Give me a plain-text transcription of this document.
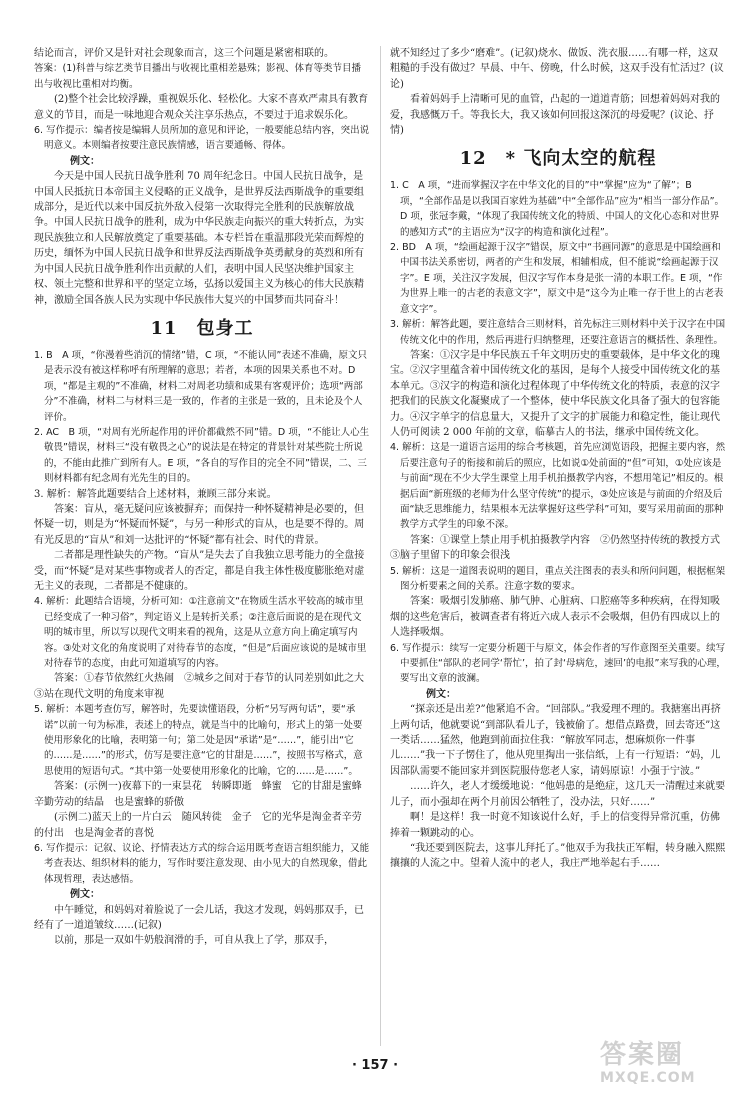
结论而言，评价又是针对社会现象而言，这三个问题是紧密相联的。

答案：(1)科普与综艺类节目播出与收视比重相差悬殊；影视、体育等类节目播出与收视比重相对均衡。

(2)整个社会比较浮躁，重视娱乐化、轻松化。大家不喜欢严肃具有教育意义的节目，而是一味地迎合观众关注享乐热点，不要过于追求娱乐化。

6. 写作提示：编者按是编辑人员所加的意见和评论，一般要能总结内容，突出说明意义。本则编者按要注意民族情感，语言要通畅、得体。

例文：

今天是中国人民抗日战争胜利 70 周年纪念日。中国人民抗日战争，是中国人民抵抗日本帝国主义侵略的正义战争，是世界反法西斯战争的重要组成部分，是近代以来中国反抗外敌入侵第一次取得完全胜利的民族解放战争。中国人民抗日战争的胜利，成为中华民族走向振兴的重大转折点，为实现民族独立和人民解放奠定了重要基础。本专栏旨在重温那段光荣而辉煌的历史，缅怀为中国人民抗日战争和世界反法西斯战争英勇献身的英烈和所有为中国人民抗日战争胜利作出贡献的人们，表明中国人民坚决维护国家主权、领土完整和世界和平的坚定立场，弘扬以爱国主义为核心的伟大民族精神，激励全国各族人民为实现中华民族伟大复兴的中国梦而共同奋斗！

11　包身工

1. B　A 项，“你漫着些消沉的情绪”错，C 项，“不能认同”表述不准确，原文只是表示没有被这样称呼有所理解的意思；若者，本项的因果关系也不对。D 项，“都是主观的”不准确，材料二对周老功绩和成果有客观评价；选项“两部分”不准确，材料二与材料三是一致的，作者的主张是一致的，且未论及个人评价。

2. AC　B 项，“对周有光所起作用的评价都截然不同”错。D 项，“不能让人心生敬畏”错误，材料三“没有敬畏之心”的说法是在特定的背景针对某些院士所说的，不能由此推广到所有人。E 项，“各自的写作目的完全不同”错误，二、三则材料都有纪念周有光先生的目的。

3. 解析：解答此题要结合上述材料，兼顾三部分来说。

答案：盲从，毫无疑问应该被摒弃；而保持一种怀疑精神是必要的，但怀疑一切，则是为“怀疑而怀疑”，与另一种形式的盲从，也是要不得的。周有光反思的“盲从”和刘一达批评的“怀疑”都有社会、时代的背景。

二者都是理性缺失的产物。“盲从”是失去了自我独立思考能力的全盘接受，而“怀疑”是对某些事物或者人的否定，都是自我主体性极度膨胀绝对虚无主义的表现，二者都是不健康的。

4. 解析：此题结合语境，分析可知：①注意前文“在物质生活水平较高的城市里已经变成了一种习俗”，判定语义上是转折关系；②注意后面说的是在现代文明的城市里，所以写以现代文明来看的视角，这是从立意方向上确定填写内容。③处对文化的角度说明了对待春节的态度，“但是”后面应该说的是城市里对待春节的态度，由此可知道填写的内容。

答案：①春节依然红火热闹　②城乡之间对于春节的认同差别如此之大　③站在现代文明的角度来审视

5. 解析：本题考查仿写，解答时，先要读懂语段，分析“另写两句话”，要“承诺”以前一句为标准，表述上的特点，就是当中的比喻句，形式上的第一处要使用形象化的比喻，表明第一句；第二处是因“承诺”是“……”，能引出“它的……是……”的形式，仿写是要注意“它的甘甜是……”，按照书写格式，意思使用的短语句式。“其中第一处要使用形象化的比喻，它的……是……”。

答案：(示例一)夜幕下的一束昙花　转瞬即逝　蜂蜜　它的甘甜是蜜蜂辛勤劳动的结晶　也是蜜蜂的骄傲

(示例二)蓝天上的一片白云　随风转徙　金子　它的光华是淘金者辛劳的付出　也是淘金者的喜悦

6. 写作提示：记叙、议论、抒情表达方式的综合运用既考查语言组织能力，又能考查表达、组织材料的能力，写作时要注意发现、由小见大的自然现象，借此体现哲理，表达感悟。

例文：

中午睡觉，和妈妈对着脸说了一会儿话，我这才发现，妈妈那双手，已经有了一道道皱纹……(记叙)

以前，那是一双如牛奶般润滑的手，可自从我上了学，那双手，

就不知经过了多少“磨难”。(记叙)烧水、做饭、洗衣服……有哪一样，这双粗糙的手没有做过？早晨、中午、傍晚，什么时候，这双手没有忙活过？(议论)

看着妈妈手上清晰可见的血管，凸起的一道道青筋；回想着妈妈对我的爱，我感慨万千。等我长大，我又该如何回报这深沉的母爱呢？(议论、抒情)

12　* 飞向太空的航程

1. C　A 项，“进而掌握汉字在中华文化的目的”中“掌握”应为“了解”；B 项，“全部作品是以我国百家姓为基础”中“全部作品”应为“相当一部分作品”。D 项，张冠李戴，“体现了我国传统文化的特质、中国人的文化心态和对世界的感知方式”的主语应为“汉字的构造和演化过程”。

2. BD　A 项，“绘画起源于汉字”错误，原文中“书画同源”的意思是中国绘画和中国书法关系密切，两者的产生和发展，相辅相成，但不能说“绘画起源于汉字”。E 项，关注汉字发展，但汉字写作本身是张一清的本职工作。E 项，“作为世界上唯一的古老的表意文字”，原文中是“这今为止唯一存于世上的古老表意文字”。

3. 解析：解答此题，要注意结合三则材料，首先标注三则材料中关于汉字在中国传统文化中的作用，然后再进行归纳整理，还要注意语言的概括性、条理性。

答案：①汉字是中华民族五千年文明历史的重要载体，是中华文化的瑰宝。②汉字里蕴含着中国传统文化的基因，是每个人接受中国传统文化的基本单元。③汉字的构造和演化过程体现了中华传统文化的特质，表意的汉字把我们的民族文化凝聚成了一个整体，使中华民族文化具备了强大的包容能力。④汉字单字的信息量大，又提升了文字的扩展能力和稳定性，能让现代人仍可阅读 2 000 年前的文章，临摹古人的书法，继承中国传统文化。

4. 解析：这是一道语言运用的综合考核题，首先应浏览语段，把握主要内容，然后要注意句子的衔接和前后的照应，比如说①处前面的“但”可知，①处应该是与前面“现在不少大学生课堂上用手机拍摄教学内容，不想用笔记”相反的。根据后面“新班级的老师为什么坚守传统”的提示，③处应该是与前面的介绍及后面“缺乏思维能力，结果根本无法掌握好这些学科”可知，要写采用前面的那种教学方式学生的印象不深。

答案：①课堂上禁止用手机拍摄教学内容　②仍然坚持传统的教授方式　③脑子里留下的印象会很浅

5. 解析：这是一道图表说明的题目，重点关注图表的表头和所问问题，根据框架图分析要素之间的关系。注意字数的要求。

答案：吸烟引发肺癌、肺气肿、心脏病、口腔癌等多种疾病，在得知吸烟的这些危害后，被调查者有将近六成人表示不会吸烟，但仍有四成以上的人选择吸烟。

6. 写作提示：续写一定要分析题干与原文，体会作者的写作意图至关重要。续写中要抓住“部队的老同学‘帮忙’，拍了封‘母病危，速回’的电报”来写我的心理，要写出文章的波澜。

例文：

“探亲还是出差?”他紧追不舍。“回部队。”我爱理不理的。我搪塞出再挤上两句话，他就要说“到部队看儿子，钱被偷了。想借点路费，回去寄还”这一类话……猛然，他跑到前面拉住我：“解放军同志，想麻烦你一件事儿……”我一下子愣住了，他从兜里掏出一张信纸，上有一行短语：“妈，儿因部队需要不能回家并到医院服侍您老人家，请妈原谅！小强于宁波。”

……许久，老人才缓缓地说：“他妈患的是绝症，这几天一清醒过来就要儿子，而小强却在两个月前因公牺牲了，没办法，只好……”

啊！是这样！我一时竟不知该说什么好，手上的信变得异常沉重，仿佛捧着一颗跳动的心。

“我还要到医院去，这事儿拜托了。”他双手为我扶正军帽，转身融入熙熙攘攘的人流之中。望着人流中的老人，我庄严地举起右手……

· 157 ·	答案圈
MXQE.COM
